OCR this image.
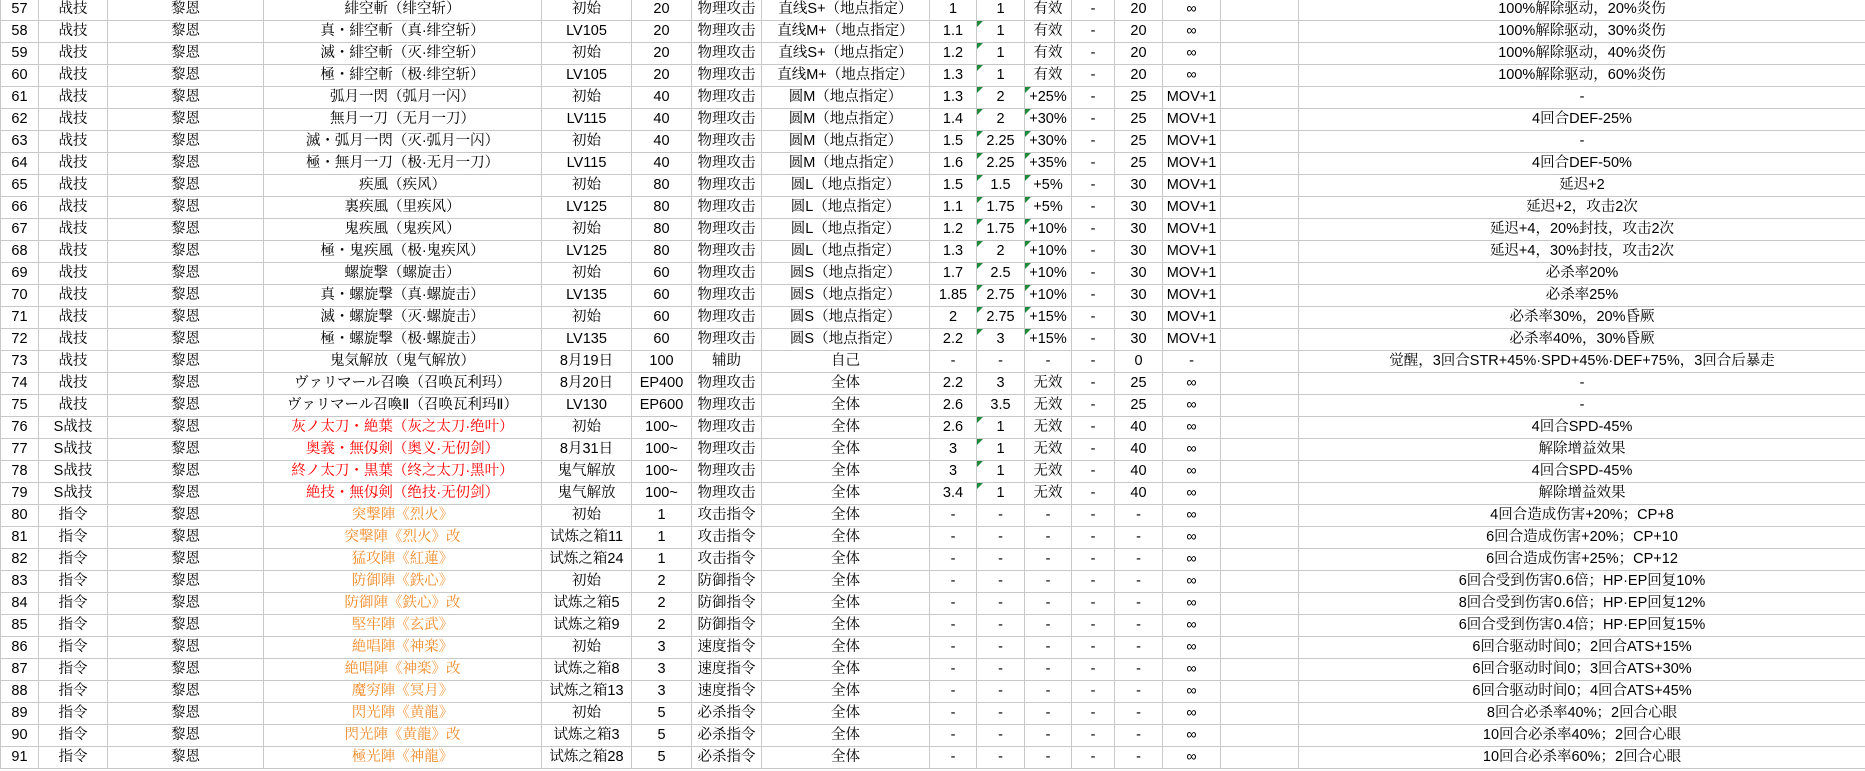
57	战技	黎恩	緋空斬（绯空斩）	初始	20	物理攻击	直线S+（地点指定）	1	1	有效	-	20	∞		100%解除驱动，20%炎伤
58	战技	黎恩	真・緋空斬（真·绯空斩）	LV105	20	物理攻击	直线M+（地点指定）	1.1	1	有效	-	20	∞		100%解除驱动，30%炎伤
59	战技	黎恩	滅・緋空斬（灭·绯空斩）	初始	20	物理攻击	直线S+（地点指定）	1.2	1	有效	-	20	∞		100%解除驱动，40%炎伤
60	战技	黎恩	極・緋空斬（极·绯空斩）	LV105	20	物理攻击	直线M+（地点指定）	1.3	1	有效	-	20	∞		100%解除驱动，60%炎伤
61	战技	黎恩	弧月一閃（弧月一闪）	初始	40	物理攻击	圆M（地点指定）	1.3	2	+25%	-	25	MOV+1		-
62	战技	黎恩	無月一刀（无月一刀）	LV115	40	物理攻击	圆M（地点指定）	1.4	2	+30%	-	25	MOV+1		4回合DEF-25%
63	战技	黎恩	滅・弧月一閃（灭·弧月一闪）	初始	40	物理攻击	圆M（地点指定）	1.5	2.25	+30%	-	25	MOV+1		-
64	战技	黎恩	極・無月一刀（极·无月一刀）	LV115	40	物理攻击	圆M（地点指定）	1.6	2.25	+35%	-	25	MOV+1		4回合DEF-50%
65	战技	黎恩	疾風（疾风）	初始	80	物理攻击	圆L（地点指定）	1.5	1.5	+5%	-	30	MOV+1		延迟+2
66	战技	黎恩	裏疾風（里疾风）	LV125	80	物理攻击	圆L（地点指定）	1.1	1.75	+5%	-	30	MOV+1		延迟+2，攻击2次
67	战技	黎恩	鬼疾風（鬼疾风）	初始	80	物理攻击	圆L（地点指定）	1.2	1.75	+10%	-	30	MOV+1		延迟+4，20%封技，攻击2次
68	战技	黎恩	極・鬼疾風（极·鬼疾风）	LV125	80	物理攻击	圆L（地点指定）	1.3	2	+10%	-	30	MOV+1		延迟+4，30%封技，攻击2次
69	战技	黎恩	螺旋撃（螺旋击）	初始	60	物理攻击	圆S（地点指定）	1.7	2.5	+10%	-	30	MOV+1		必杀率20%
70	战技	黎恩	真・螺旋撃（真·螺旋击）	LV135	60	物理攻击	圆S（地点指定）	1.85	2.75	+10%	-	30	MOV+1		必杀率25%
71	战技	黎恩	滅・螺旋撃（灭·螺旋击）	初始	60	物理攻击	圆S（地点指定）	2	2.75	+15%	-	30	MOV+1		必杀率30%，20%昏厥
72	战技	黎恩	極・螺旋撃（极·螺旋击）	LV135	60	物理攻击	圆S（地点指定）	2.2	3	+15%	-	30	MOV+1		必杀率40%，30%昏厥
73	战技	黎恩	鬼気解放（鬼气解放）	8月19日	100	辅助	自己	-	-	-	-	0	-		觉醒，3回合STR+45%·SPD+45%·DEF+75%，3回合后暴走
74	战技	黎恩	ヴァリマール召喚（召唤瓦利玛）	8月20日	EP400	物理攻击	全体	2.2	3	无效	-	25	∞		-
75	战技	黎恩	ヴァリマール召喚Ⅱ（召唤瓦利玛Ⅱ）	LV130	EP600	物理攻击	全体	2.6	3.5	无效	-	25	∞		-
76	S战技	黎恩	灰ノ太刀・絶葉（灰之太刀·绝叶）	初始	100~	物理攻击	全体	2.6	1	无效	-	40	∞		4回合SPD-45%
77	S战技	黎恩	奥義・無仭剣（奥义·无仞剑）	8月31日	100~	物理攻击	全体	3	1	无效	-	40	∞		解除增益效果
78	S战技	黎恩	終ノ太刀・黒葉（终之太刀·黑叶）	鬼气解放	100~	物理攻击	全体	3	1	无效	-	40	∞		4回合SPD-45%
79	S战技	黎恩	絶技・無仭剣（绝技·无仞剑）	鬼气解放	100~	物理攻击	全体	3.4	1	无效	-	40	∞		解除增益效果
80	指令	黎恩	突撃陣《烈火》	初始	1	攻击指令	全体	-	-	-	-	-	∞		4回合造成伤害+20%；CP+8
81	指令	黎恩	突撃陣《烈火》改	试炼之箱11	1	攻击指令	全体	-	-	-	-	-	∞		6回合造成伤害+20%；CP+10
82	指令	黎恩	猛攻陣《紅蓮》	试炼之箱24	1	攻击指令	全体	-	-	-	-	-	∞		6回合造成伤害+25%；CP+12
83	指令	黎恩	防御陣《鉄心》	初始	2	防御指令	全体	-	-	-	-	-	∞		6回合受到伤害0.6倍；HP·EP回复10%
84	指令	黎恩	防御陣《鉄心》改	试炼之箱5	2	防御指令	全体	-	-	-	-	-	∞		8回合受到伤害0.6倍；HP·EP回复12%
85	指令	黎恩	堅牢陣《玄武》	试炼之箱9	2	防御指令	全体	-	-	-	-	-	∞		6回合受到伤害0.4倍；HP·EP回复15%
86	指令	黎恩	絶唱陣《神楽》	初始	3	速度指令	全体	-	-	-	-	-	∞		6回合驱动时间0；2回合ATS+15%
87	指令	黎恩	絶唱陣《神楽》改	试炼之箱8	3	速度指令	全体	-	-	-	-	-	∞		6回合驱动时间0；3回合ATS+30%
88	指令	黎恩	魔穷陣《冥月》	试炼之箱13	3	速度指令	全体	-	-	-	-	-	∞		6回合驱动时间0；4回合ATS+45%
89	指令	黎恩	閃光陣《黄龍》	初始	5	必杀指令	全体	-	-	-	-	-	∞		8回合必杀率40%；2回合心眼
90	指令	黎恩	閃光陣《黄龍》改	试炼之箱3	5	必杀指令	全体	-	-	-	-	-	∞		10回合必杀率40%；2回合心眼
91	指令	黎恩	極光陣《神龍》	试炼之箱28	5	必杀指令	全体	-	-	-	-	-	∞		10回合必杀率60%；2回合心眼
